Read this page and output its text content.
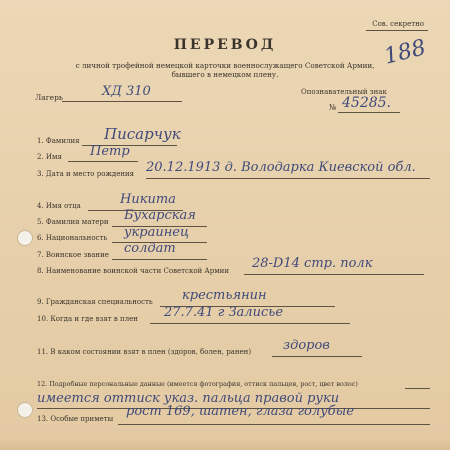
Сов. секретно
ПЕРЕВОД
с личной трофейной немецкой карточки военнослужащего Советской Армии,
бывшего в немецком плену.
188
Лагерь	ХД 310	Опознавательный знак
№ 45285.
1. Фамилия Писарчук
2. Имя Петр
3. Дата и место рождения 20.12.1913 д. Володарка Киевской обл.
4. Имя отца	Никита
5. Фамилия матери Бухарская
6. Национальность украинец
7. Воинское звание солдат
8. Наименование воинской части Советской Армии 28-D14 стр. полк
9. Гражданская специальность крестьянин
10. Когда и где взят в плен 27.7.41 г Залисье
11. В каком состоянии взят в плен (здоров, болен, ранен) здоров
12. Подробные персональные данные (имеется фотография, оттиск пальцев, рост, цвет волос)
имеется оттиск указ. пальца правой руки
13. Особые приметы рост 169, шатен, глаза голубые
